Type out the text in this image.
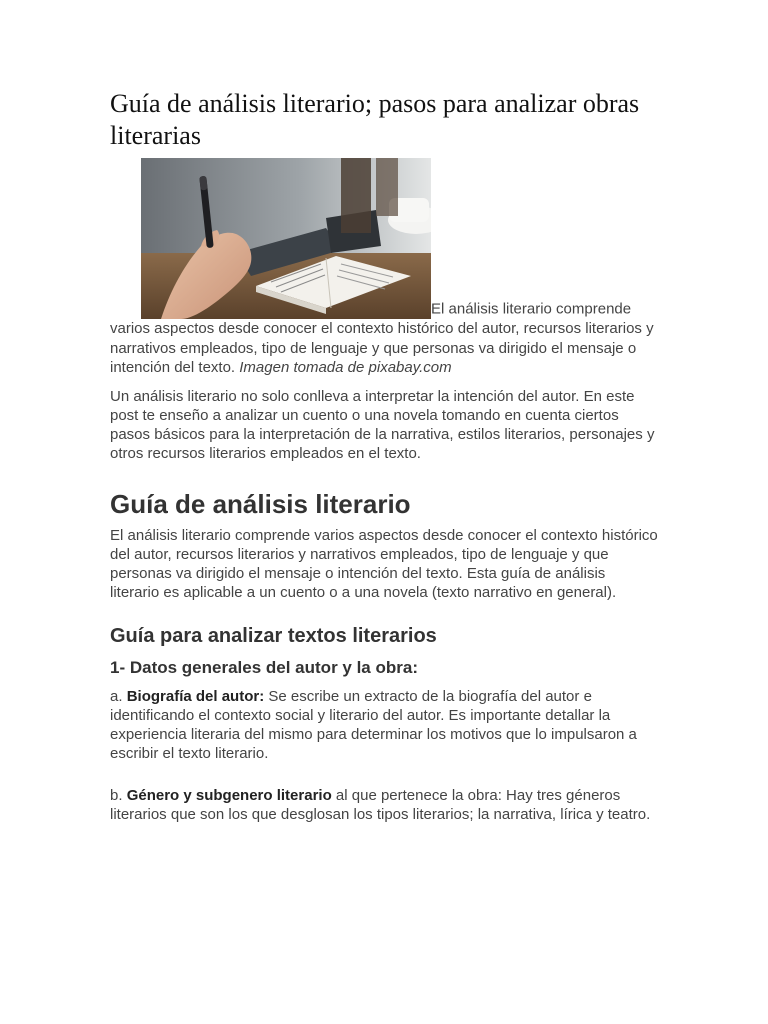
Guía de análisis literario; pasos para analizar obras literarias

El análisis literario comprende varios aspectos desde conocer el contexto histórico del autor, recursos literarios y narrativos empleados, tipo de lenguaje y que personas va dirigido el mensaje o intención del texto. Imagen tomada de pixabay.com

Un análisis literario no solo conlleva a interpretar la intención del autor. En este post te enseño a analizar un cuento o una novela tomando en cuenta ciertos pasos básicos para la interpretación de la narrativa, estilos literarios, personajes y otros recursos literarios empleados en el texto.

Guía de análisis literario

El análisis literario comprende varios aspectos desde conocer el contexto histórico del autor, recursos literarios y narrativos empleados, tipo de lenguaje y que personas va dirigido el mensaje o intención del texto. Esta guía de análisis literario es aplicable a un cuento o a una novela (texto narrativo en general).

Guía para analizar textos literarios
1- Datos generales del autor y la obra:

a. Biografía del autor: Se escribe un extracto de la biografía del autor e identificando el contexto social y literario del autor. Es importante detallar la experiencia literaria del mismo para determinar los motivos que lo impulsaron a escribir el texto literario.

b. Género y subgenero literario al que pertenece la obra: Hay tres géneros literarios que son los que desglosan los tipos literarios; la narrativa, lírica y teatro.
